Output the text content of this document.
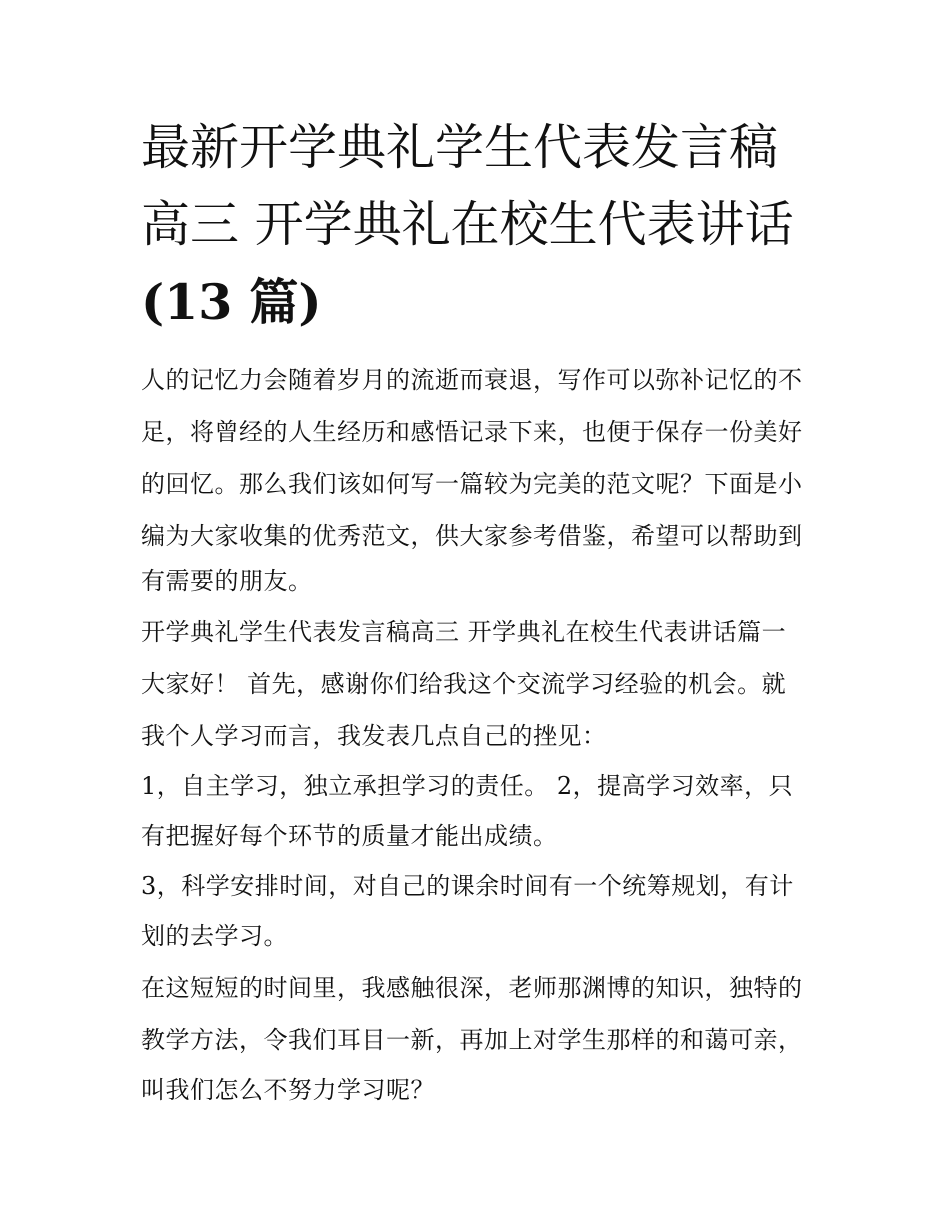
最新开学典礼学生代表发言稿
高三 开学典礼在校生代表讲话
(13 篇)
人的记忆力会随着岁月的流逝而衰退，写作可以弥补记忆的不
足，将曾经的人生经历和感悟记录下来，也便于保存一份美好
的回忆。那么我们该如何写一篇较为完美的范文呢？下面是小
编为大家收集的优秀范文，供大家参考借鉴，希望可以帮助到
有需要的朋友。
开学典礼学生代表发言稿高三 开学典礼在校生代表讲话篇一
大家好！ 首先，感谢你们给我这个交流学习经验的机会。就
我个人学习而言，我发表几点自己的挫见：
1，自主学习，独立承担学习的责任。 2，提高学习效率，只
有把握好每个环节的质量才能出成绩。
3，科学安排时间，对自己的课余时间有一个统筹规划，有计
划的去学习。
在这短短的时间里，我感触很深，老师那渊博的知识，独特的
教学方法，令我们耳目一新，再加上对学生那样的和蔼可亲，
叫我们怎么不努力学习呢？
